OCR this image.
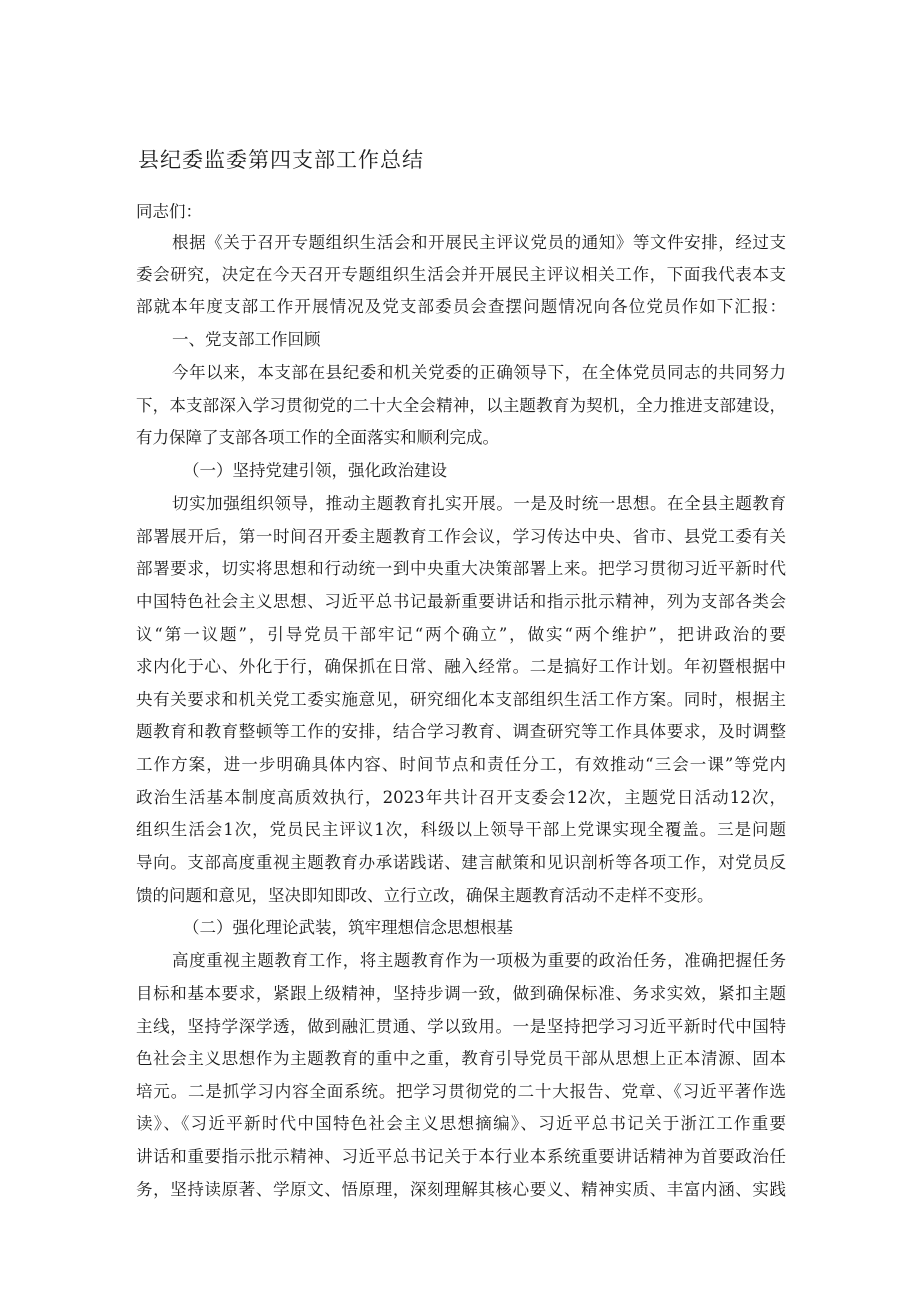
县纪委监委第四支部工作总结
同志们：
根据《关于召开专题组织生活会和开展民主评议党员的通知》等文件安排，经过支
委会研究，决定在今天召开专题组织生活会并开展民主评议相关工作，下面我代表本支
部就本年度支部工作开展情况及党支部委员会查摆问题情况向各位党员作如下汇报：
一、党支部工作回顾
今年以来，本支部在县纪委和机关党委的正确领导下，在全体党员同志的共同努力
下，本支部深入学习贯彻党的二十大全会精神，以主题教育为契机，全力推进支部建设，
有力保障了支部各项工作的全面落实和顺利完成。
（一）坚持党建引领，强化政治建设
切实加强组织领导，推动主题教育扎实开展。一是及时统一思想。在全县主题教育
部署展开后，第一时间召开委主题教育工作会议，学习传达中央、省市、县党工委有关
部署要求，切实将思想和行动统一到中央重大决策部署上来。把学习贯彻习近平新时代
中国特色社会主义思想、习近平总书记最新重要讲话和指示批示精神，列为支部各类会
议“第一议题”，引导党员干部牢记“两个确立”，做实“两个维护”，把讲政治的要
求内化于心、外化于行，确保抓在日常、融入经常。二是搞好工作计划。年初暨根据中
央有关要求和机关党工委实施意见，研究细化本支部组织生活工作方案。同时，根据主
题教育和教育整顿等工作的安排，结合学习教育、调查研究等工作具体要求，及时调整
工作方案，进一步明确具体内容、时间节点和责任分工，有效推动“三会一课”等党内
政治生活基本制度高质效执行，2023年共计召开支委会12次，主题党日活动12次，
组织生活会1次，党员民主评议1次，科级以上领导干部上党课实现全覆盖。三是问题
导向。支部高度重视主题教育办承诺践诺、建言献策和见识剖析等各项工作，对党员反
馈的问题和意见，坚决即知即改、立行立改，确保主题教育活动不走样不变形。
（二）强化理论武装，筑牢理想信念思想根基
高度重视主题教育工作，将主题教育作为一项极为重要的政治任务，准确把握任务
目标和基本要求，紧跟上级精神，坚持步调一致，做到确保标准、务求实效，紧扣主题
主线，坚持学深学透，做到融汇贯通、学以致用。一是坚持把学习习近平新时代中国特
色社会主义思想作为主题教育的重中之重，教育引导党员干部从思想上正本清源、固本
培元。二是抓学习内容全面系统。把学习贯彻党的二十大报告、党章、《习近平著作选
读》、《习近平新时代中国特色社会主义思想摘编》、习近平总书记关于浙江工作重要
讲话和重要指示批示精神、习近平总书记关于本行业本系统重要讲话精神为首要政治任
务，坚持读原著、学原文、悟原理，深刻理解其核心要义、精神实质、丰富内涵、实践
